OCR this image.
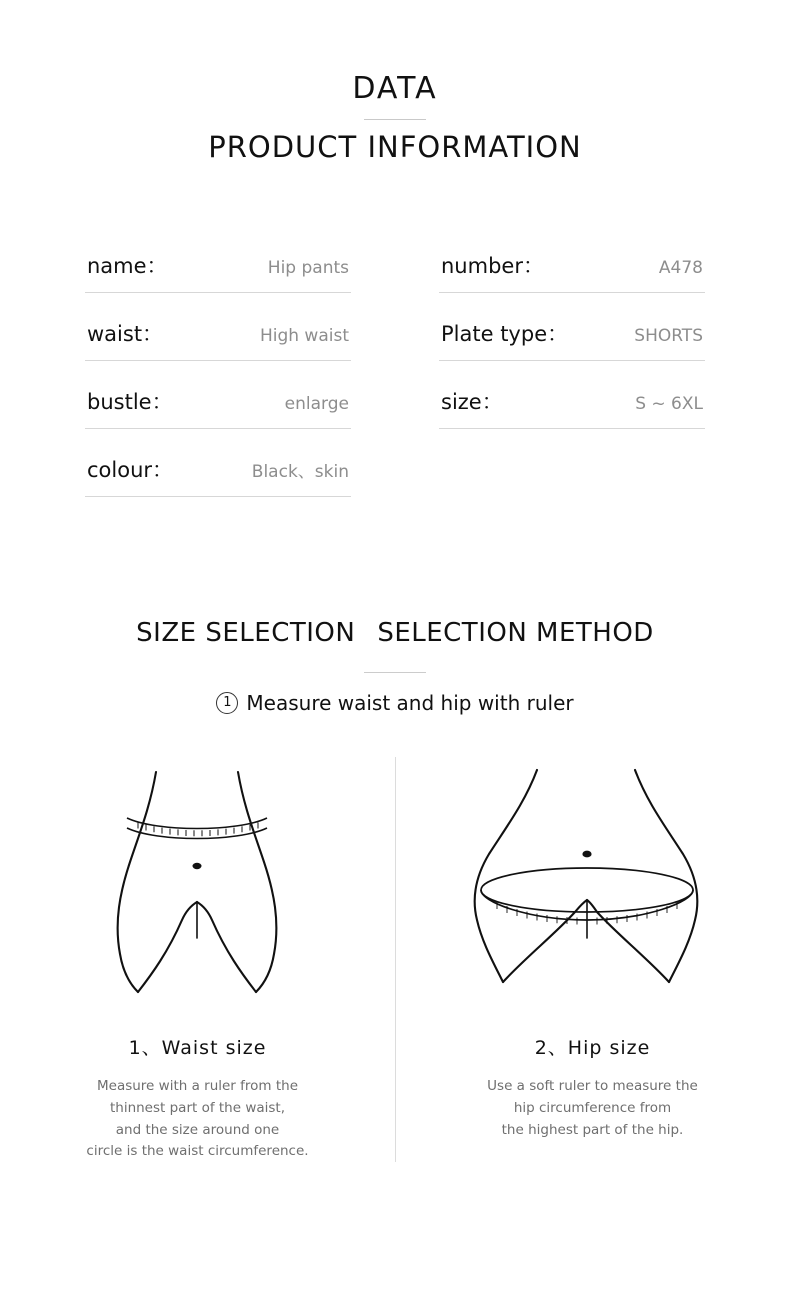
DATA
PRODUCT INFORMATION
name：	Hip pants
waist：	High waist
bustle：	enlarge
colour：	Black、skin
number：	A478
Plate type：	SHORTS
size：	S ~ 6XL
SIZE SELECTION SELECTION METHOD
1 Measure waist and hip with ruler
1、Waist size
Measure with a ruler from the
thinnest part of the waist,
and the size around one
circle is the waist circumference.
2、Hip size
Use a soft ruler to measure the
hip circumference from
the highest part of the hip.
